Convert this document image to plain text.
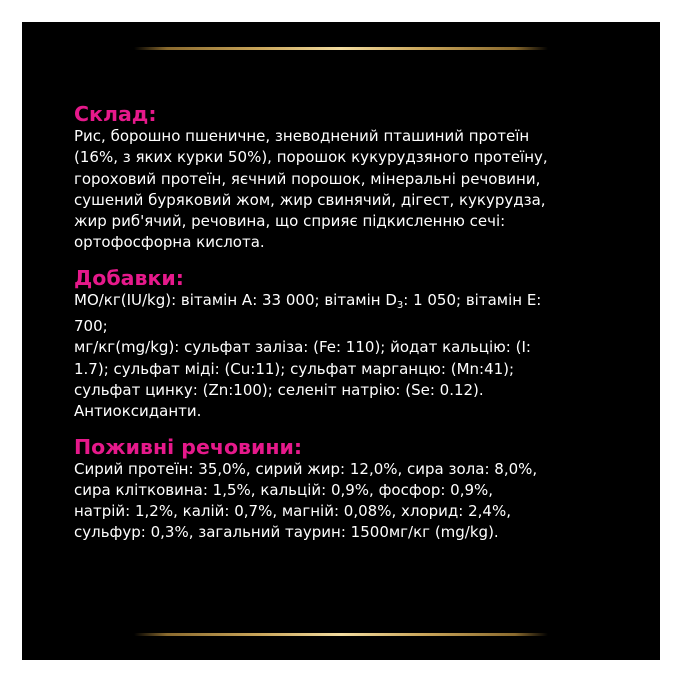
Склад:

Рис, борошно пшеничне, зневоднений пташиний протеїн

(16%, з яких курки 50%), порошок кукурудзяного протеїну,

гороховий протеїн, яєчний порошок, мінеральні речовини,

сушений буряковий жом, жир свинячий, дігест, кукурудза,

жир риб'ячий, речовина, що сприяє підкисленню сечі:

ортофосфорна кислота.

Добавки:

МО/кг(IU/kg): вітамін А: 33 000; вітамін $D_3$: 1 050; вітамін Е:

700;

мг/кг(mg/kg): сульфат заліза: (Fe: 110); йодат кальцію: (I:

1.7); сульфат міді: (Cu:11); сульфат марганцю: (Mn:41);

сульфат цинку: (Zn:100); селеніт натрію: (Se: 0.12).

Антиоксиданти.

Поживні речовини:

Сирий протеїн: 35,0%, сирий жир: 12,0%, сира зола: 8,0%,

сира клітковина: 1,5%, кальцій: 0,9%, фосфор: 0,9%,

натрій: 1,2%, калій: 0,7%, магній: 0,08%, хлорид: 2,4%,

сульфур: 0,3%, загальний таурин: 1500мг/кг (mg/kg).
